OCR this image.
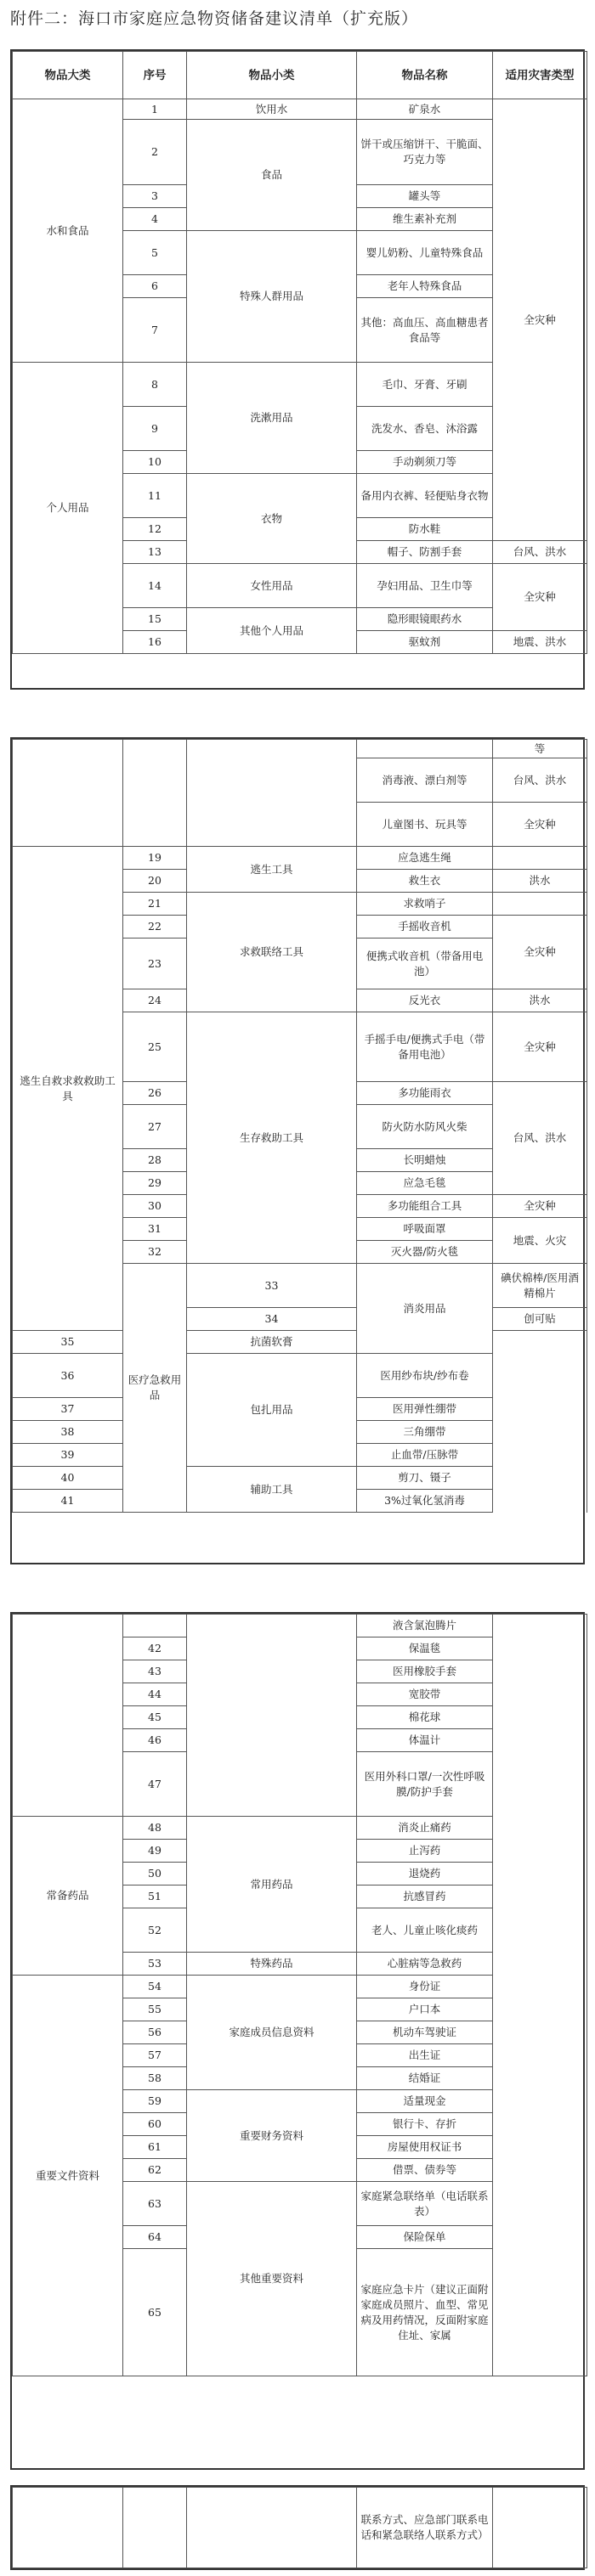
附件二：海口市家庭应急物资储备建议清单（扩充版）
物品大类	序号	物品小类	物品名称	适用灾害类型
水和食品	1	饮用水	矿泉水	全灾种
	2	食品	饼干或压缩饼干、干脆面、巧克力等	
	3		罐头等	
	4		维生素补充剂	
	5	特殊人群用品	婴儿奶粉、儿童特殊食品	
	6		老年人特殊食品	
	7		其他：高血压、高血糖患者食品等	
个人用品	8	洗漱用品	毛巾、牙膏、牙刷	
	9		洗发水、香皂、沐浴露	
	10		手动剃须刀等	
	11	衣物	备用内衣裤、轻便贴身衣物	
	12		防水鞋	
	13		帽子、防割手套	台风、洪水
	14	女性用品	孕妇用品、卫生巾等	全灾种
	15	其他个人用品	隐形眼镜眼药水	
	16		驱蚊剂	地震、洪水
				等	
			消毒液、漂白剂等	台风、洪水	
			儿童图书、玩具等	全灾种	
逃生自救求救救助工具	19	逃生工具	应急逃生绳		
	20		救生衣	洪水	
	21	求救联络工具	求救哨子		
	22		手摇收音机	全灾种	
	23		便携式收音机（带备用电池）		
	24		反光衣	洪水	
	25	生存救助工具	手摇手电/便携式手电（带备用电池）	全灾种	
	26		多功能雨衣	台风、洪水	
	27		防火防水防风火柴		
	28		长明蜡烛		
	29		应急毛毯		
	30		多功能组合工具	全灾种	
	31		呼吸面罩	地震、火灾	
	32		灭火器/防火毯		
	医疗急救用品	33	消炎用品	碘伏棉棒/医用酒精棉片	
		34		创可贴	
35		抗菌软膏			
36		包扎用品	医用纱布块/纱布卷		
37			医用弹性绷带		
38			三角绷带		
39			止血带/压脉带		
40		辅助工具	剪刀、镊子		
41			3%过氧化氢消毒		
			液含氯泡腾片	
	42		保温毯	
	43		医用橡胶手套	
	44		宽胶带	
	45		棉花球	
	46		体温计	
	47		医用外科口罩/一次性呼吸膜/防护手套	
常备药品	48	常用药品	消炎止痛药	
	49		止泻药	
	50		退烧药	
	51		抗感冒药	
	52		老人、儿童止咳化痰药	
	53	特殊药品	心脏病等急救药	
重要文件资料	54	家庭成员信息资料	身份证	
	55		户口本	
	56		机动车驾驶证	
	57		出生证	
	58		结婚证	
	59	重要财务资料	适量现金	
	60		银行卡、存折	
	61		房屋使用权证书	
	62		借票、债券等	
	63	其他重要资料	家庭紧急联络单（电话联系表）	
	64		保险保单	
	65		家庭应急卡片（建议正面附家庭成员照片、血型、常见病及用药情况，反面附家庭住址、家属	
			联系方式、应急部门联系电话和紧急联络人联系方式）	
